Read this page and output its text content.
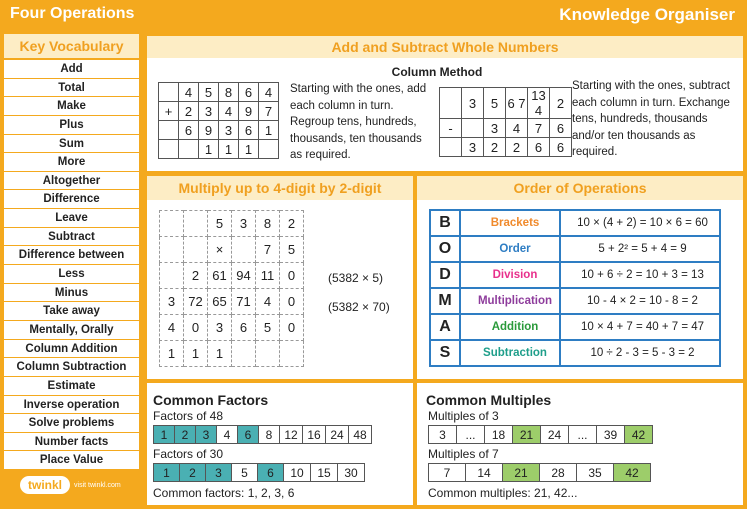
Four Operations	Knowledge Organiser
Key Vocabulary
Add
Total
Make
Plus
Sum
More
Altogether
Difference
Leave
Subtract
Difference between
Less
Minus
Take away
Mentally, Orally
Column Addition
Column Subtraction
Estimate
Inverse operation
Solve problems
Number facts
Place Value
twinkl	visit twinkl.com
Add and Subtract Whole Numbers
Column Method
	4	5	8	6	4
+	2	3	4	9	7
	6	9	3	6	1
		1	1	1	
Starting with the ones, add each column in turn. Regroup tens, hundreds, thousands, ten thousands as required.
	3	5	6 7	13 4	2
-		3	4	7	6
	3	2	2	6	6
Starting with the ones, subtract each column in turn. Exchange tens, hundreds, thousands and/or ten thousands as required.
Multiply up to 4-digit by 2-digit
		5	3	8	2
		×		7	5
	2	61	94	11	0
3	72	65	71	4	0
4	0	3	6	5	0
1	1	1			
(5382 × 5)
(5382 × 70)
Order of Operations
B	Brackets	10 × (4 + 2) = 10 × 6 = 60
O	Order	5 + 2² = 5 + 4 = 9
D	Division	10 + 6 ÷ 2 = 10 + 3 = 13
M	Multiplication	10 - 4 × 2 = 10 - 8 = 2
A	Addition	10 × 4 + 7 = 40 + 7 = 47
S	Subtraction	10 ÷ 2 - 3 = 5 - 3 = 2
Common Factors
Factors of 48
1	2	3	4	6	8 12 16 24 48
Factors of 30
1	2	3	5	6	10	15	30
Common factors: 1, 2, 3, 6
Common Multiples
Multiples of 3
3	...	18	21	24	...	39	42
Multiples of 7
7	14	21	28	35	42
Common multiples: 21, 42...
